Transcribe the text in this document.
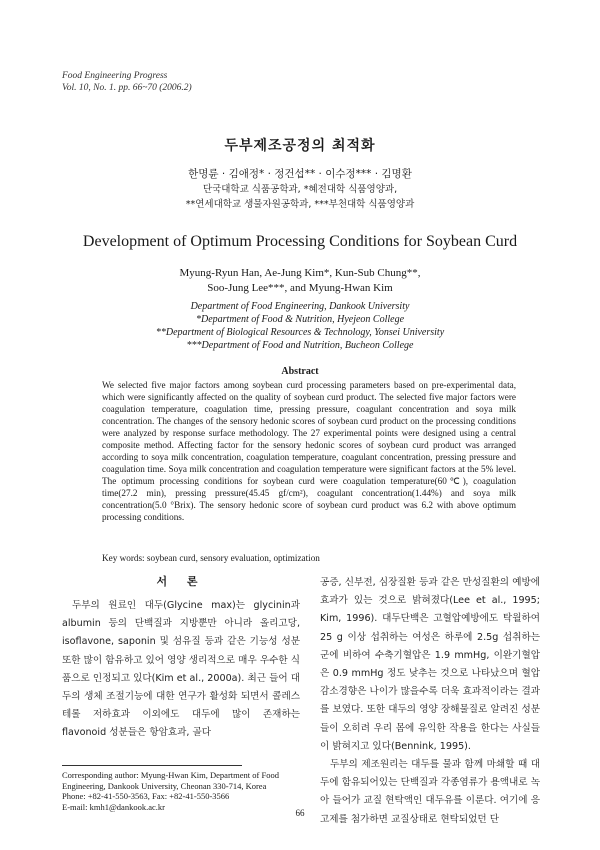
Food Engineering Progress
Vol. 10, No. 1. pp. 66~70 (2006.2)
두부제조공정의 최적화
한명륜 · 김애정* · 정건섭** · 이수정*** · 김명환
단국대학교 식품공학과, *혜전대학 식품영양과,
**연세대학교 생물자원공학과, ***부천대학 식품영양과
Development of Optimum Processing Conditions for Soybean Curd
Myung-Ryun Han, Ae-Jung Kim*, Kun-Sub Chung**,
Soo-Jung Lee***, and Myung-Hwan Kim
Department of Food Engineering, Dankook University
*Department of Food & Nutrition, Hyejeon College
**Department of Biological Resources & Technology, Yonsei University
***Department of Food and Nutrition, Bucheon College
Abstract
We selected five major factors among soybean curd processing parameters based on pre-experimental data, which were significantly affected on the quality of soybean curd product. The selected five major factors were coagulation temperature, coagulation time, pressing pressure, coagulant concentration and soya milk concentration. The changes of the sensory hedonic scores of soybean curd product on the processing conditions were analyzed by response surface methodology. The 27 experimental points were designed using a central composite method. Affecting factor for the sensory hedonic scores of soybean curd product was arranged according to soya milk concentration, coagulation temperature, coagulant concentration, pressing pressure and coagulation time. Soya milk concentration and coagulation temperature were significant factors at the 5% level. The optimum processing conditions for soybean curd were coagulation temperature(60℃), coagulation time(27.2 min), pressing pressure(45.45 gf/cm²), coagulant concentration(1.44%) and soya milk concentration(5.0 °Brix). The sensory hedonic score of soybean curd product was 6.2 with above optimum processing conditions.
Key words: soybean curd, sensory evaluation, optimization
서 론

두부의 원료인 대두(Glycine max)는 glycinin과 albumin 등의 단백질과 지방뿐만 아니라 올리고당, isoflavone, saponin 및 섬유질 등과 같은 기능성 성분 또한 많이 함유하고 있어 영양 생리적으로 매우 우수한 식품으로 인정되고 있다(Kim et al., 2000a). 최근 들어 대두의 생체 조절기능에 대한 연구가 활성화 되면서 콜레스테롤 저하효과 이외에도 대두에 많이 존재하는 flavonoid 성분들은 항암효과, 골다

공증, 신부전, 심장질환 등과 같은 만성질환의 예방에 효과가 있는 것으로 밝혀졌다(Lee et al., 1995; Kim, 1996). 대두단백은 고혈압예방에도 탁월하여 25 g 이상 섭취하는 여성은 하루에 2.5g 섭취하는 군에 비하여 수축기혈압은 1.9 mmHg, 이완기혈압은 0.9 mmHg 정도 낮추는 것으로 나타났으며 혈압감소경향은 나이가 많을수록 더욱 효과적이라는 결과를 보였다. 또한 대두의 영양 장해물질로 알려진 성분들이 오히려 우리 몸에 유익한 작용을 한다는 사실들이 밝혀지고 있다(Bennink, 1995).

두부의 제조원리는 대두를 물과 함께 마쇄할 때 대두에 함유되어있는 단백질과 각종염류가 용액내로 녹아 들어가 교질 현탁액인 대두유를 이룬다. 여기에 응고제를 첨가하면 교질상태로 현탁되었던 단

Corresponding author: Myung-Hwan Kim, Department of Food
Engineering, Dankook University, Cheonan 330-714, Korea
Phone: +82-41-550-3563, Fax: +82-41-550-3566
E-mail: kmh1@dankook.ac.kr
66
